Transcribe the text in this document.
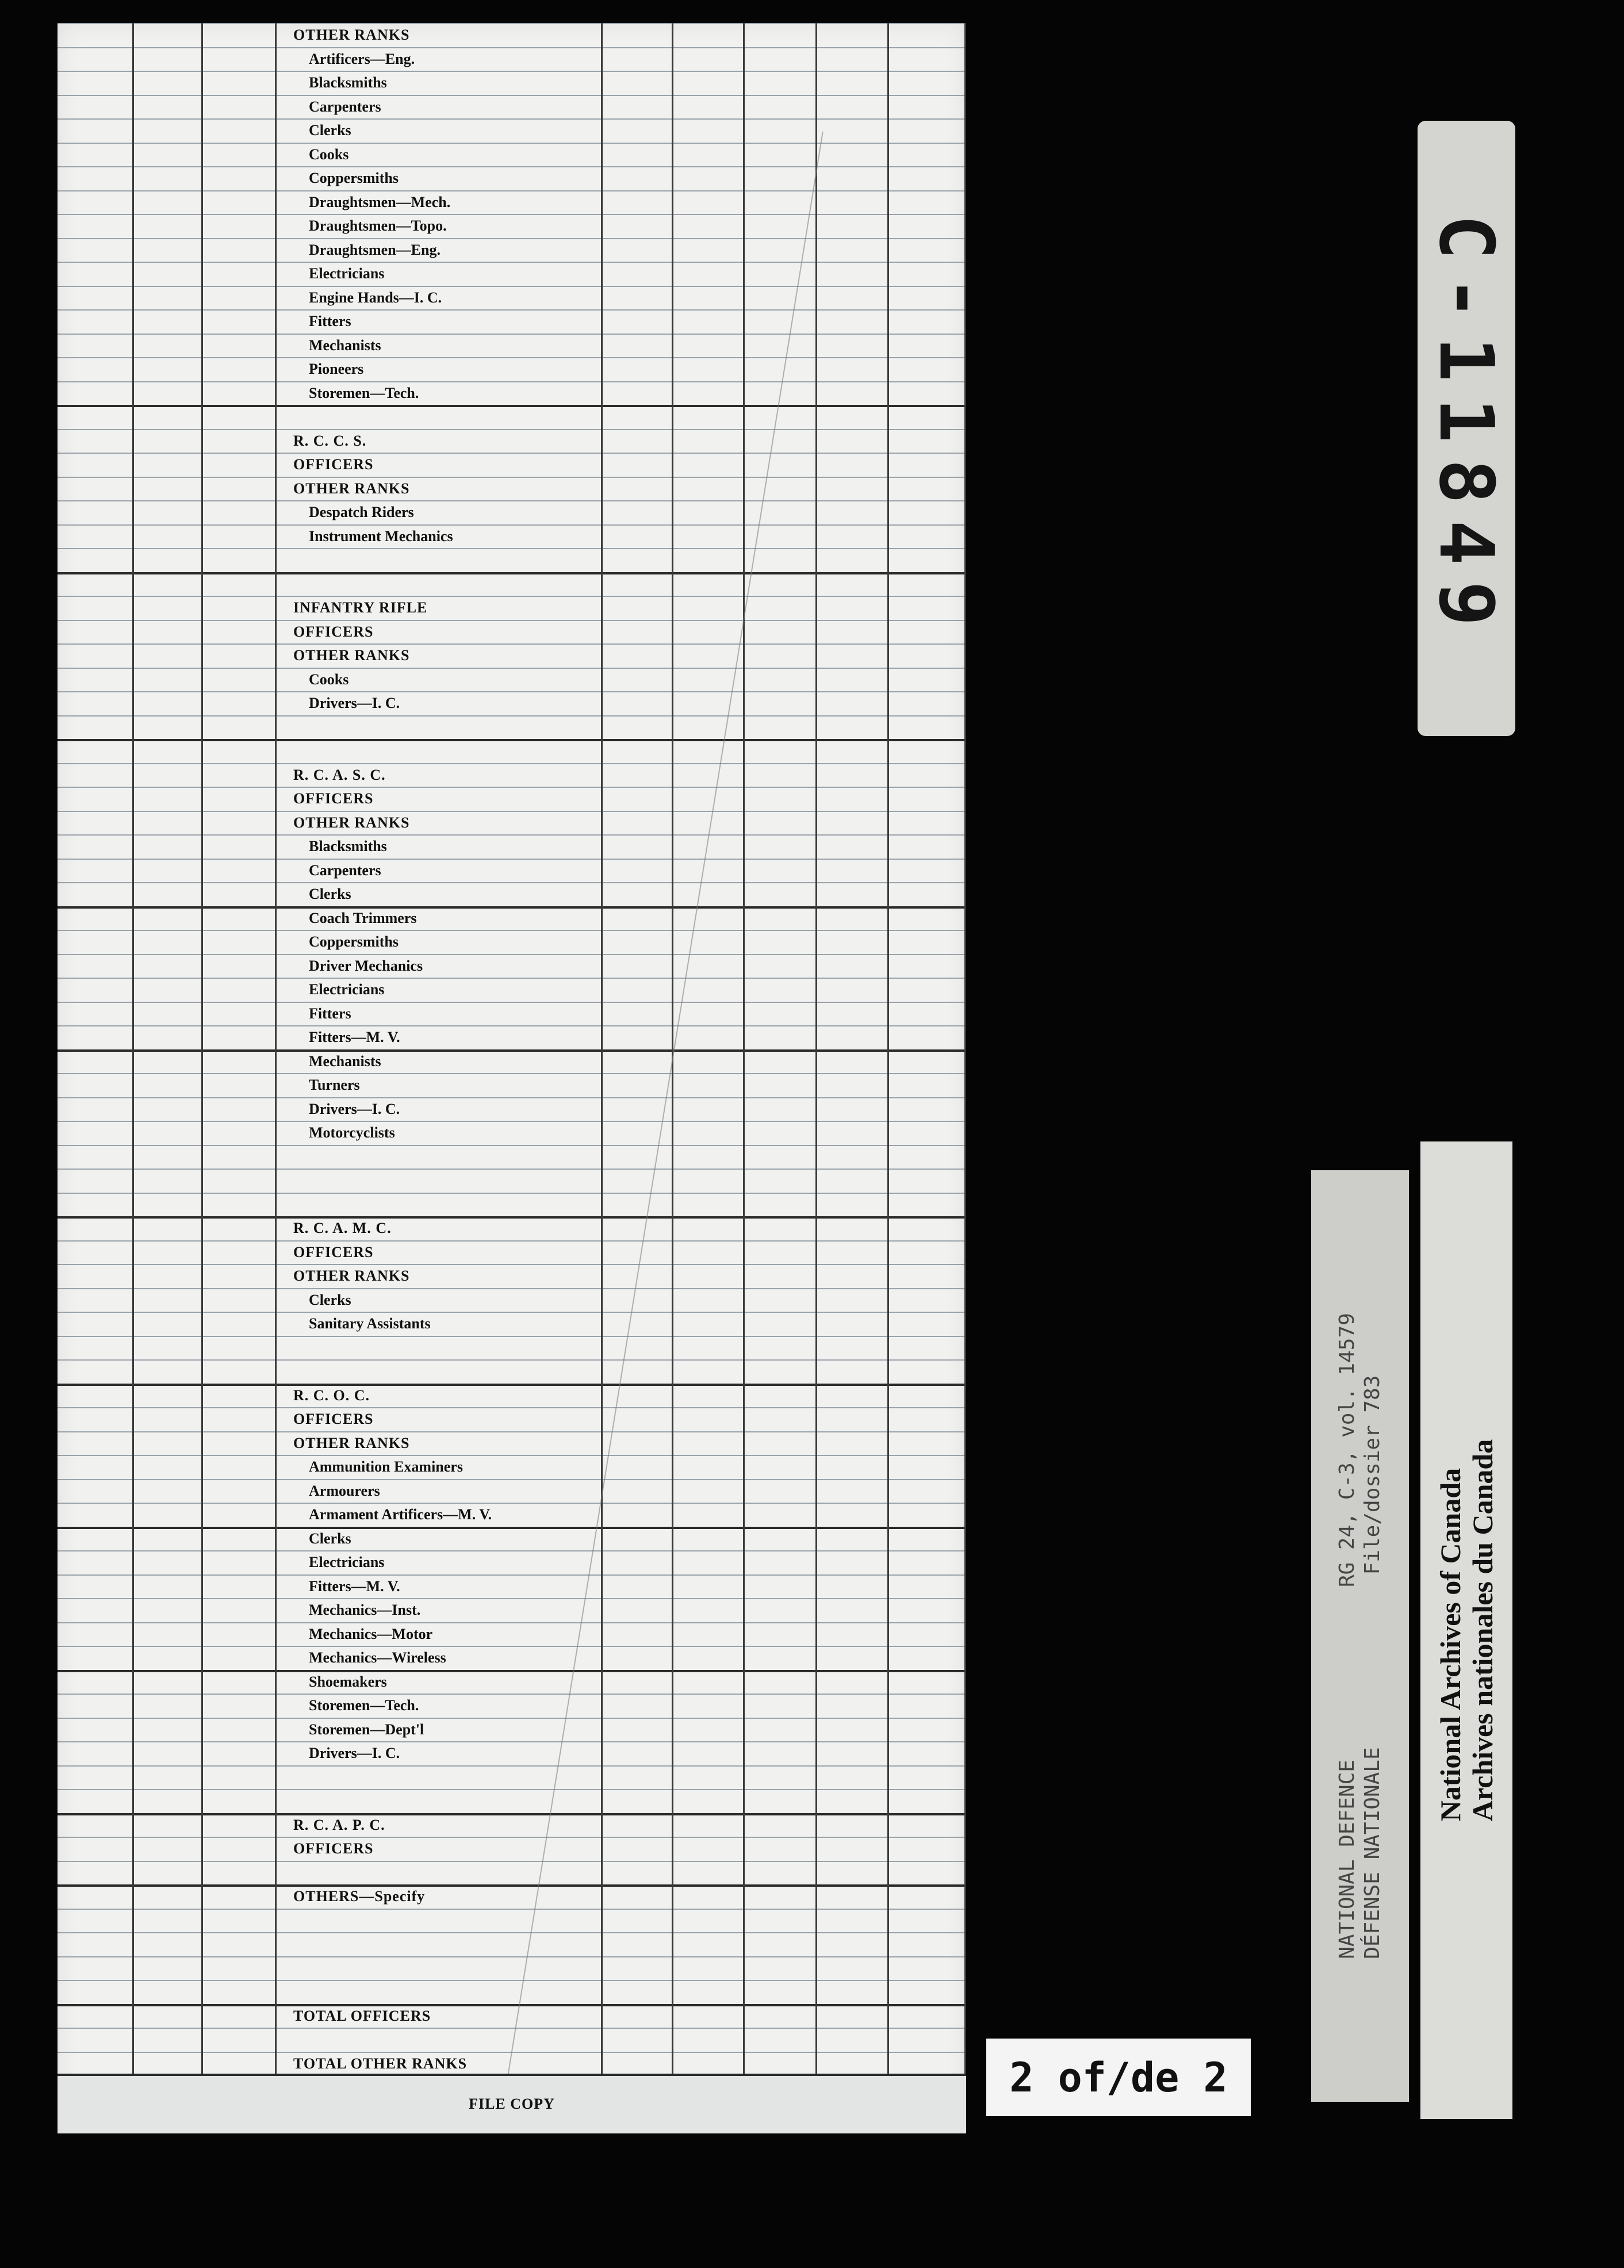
OTHER RANKS
Artificers—Eng.
Blacksmiths
Carpenters
Clerks
Cooks
Coppersmiths
Draughtsmen—Mech.
Draughtsmen—Topo.
Draughtsmen—Eng.
Electricians
Engine Hands—I. C.
Fitters
Mechanists
Pioneers
Storemen—Tech.
R. C. C. S.
OFFICERS
OTHER RANKS
Despatch Riders
Instrument Mechanics
INFANTRY RIFLE
OFFICERS
OTHER RANKS
Cooks
Drivers—I. C.
R. C. A. S. C.
OFFICERS
OTHER RANKS
Blacksmiths
Carpenters
Clerks
Coach Trimmers
Coppersmiths
Driver Mechanics
Electricians
Fitters
Fitters—M. V.
Mechanists
Turners
Drivers—I. C.
Motorcyclists
R. C. A. M. C.
OFFICERS
OTHER RANKS
Clerks
Sanitary Assistants
R. C. O. C.
OFFICERS
OTHER RANKS
Ammunition Examiners
Armourers
Armament Artificers—M. V.
Clerks
Electricians
Fitters—M. V.
Mechanics—Inst.
Mechanics—Motor
Mechanics—Wireless
Shoemakers
Storemen—Tech.
Storemen—Dept'l
Drivers—I. C.
R. C. A. P. C.
OFFICERS
OTHERS—Specify
TOTAL OFFICERS
TOTAL OTHER RANKS
FILE COPY
C-11849
NATIONAL DEFENCE
RG 24, C-3, vol. 14579
DÉFENSE NATIONALE
File/dossier 783 National Archives of Canada Archives nationales du Canada
2 of/de 2
